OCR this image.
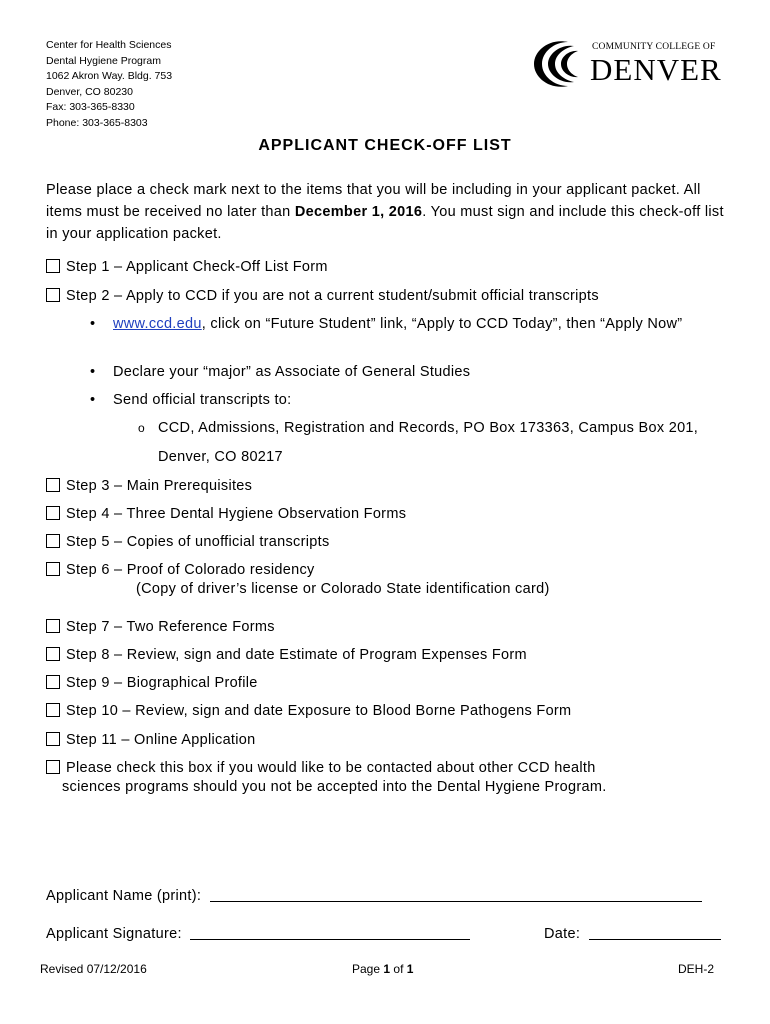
Center for Health Sciences
Dental Hygiene Program
1062 Akron Way. Bldg. 753
Denver, CO 80230
Fax: 303-365-8330
Phone: 303-365-8303
COMMUNITY COLLEGE OF
DENVER
APPLICANT CHECK-OFF LIST
Please place a check mark next to the items that you will be including in your applicant packet. All items must be received no later than December 1, 2016. You must sign and include this check-off list in your application packet.
Step 1 – Applicant Check-Off List Form
Step 2 – Apply to CCD if you are not a current student/submit official transcripts
• www.ccd.edu, click on “Future Student” link, “Apply to CCD Today”, then “Apply Now”
• Declare your “major” as Associate of General Studies
• Send official transcripts to:
o CCD, Admissions, Registration and Records, PO Box 173363, Campus Box 201, Denver, CO 80217
Step 3 – Main Prerequisites
Step 4 – Three Dental Hygiene Observation Forms
Step 5 – Copies of unofficial transcripts
Step 6 – Proof of Colorado residency
(Copy of driver’s license or Colorado State identification card)
Step 7 – Two Reference Forms
Step 8 – Review, sign and date Estimate of Program Expenses Form
Step 9 – Biographical Profile
Step 10 – Review, sign and date Exposure to Blood Borne Pathogens Form
Step 11 – Online Application
Please check this box if you would like to be contacted about other CCD health
sciences programs should you not be accepted into the Dental Hygiene Program.
Applicant Name (print):
Applicant Signature:	Date:
Revised 07/12/2016	Page 1 of 1	DEH-2
